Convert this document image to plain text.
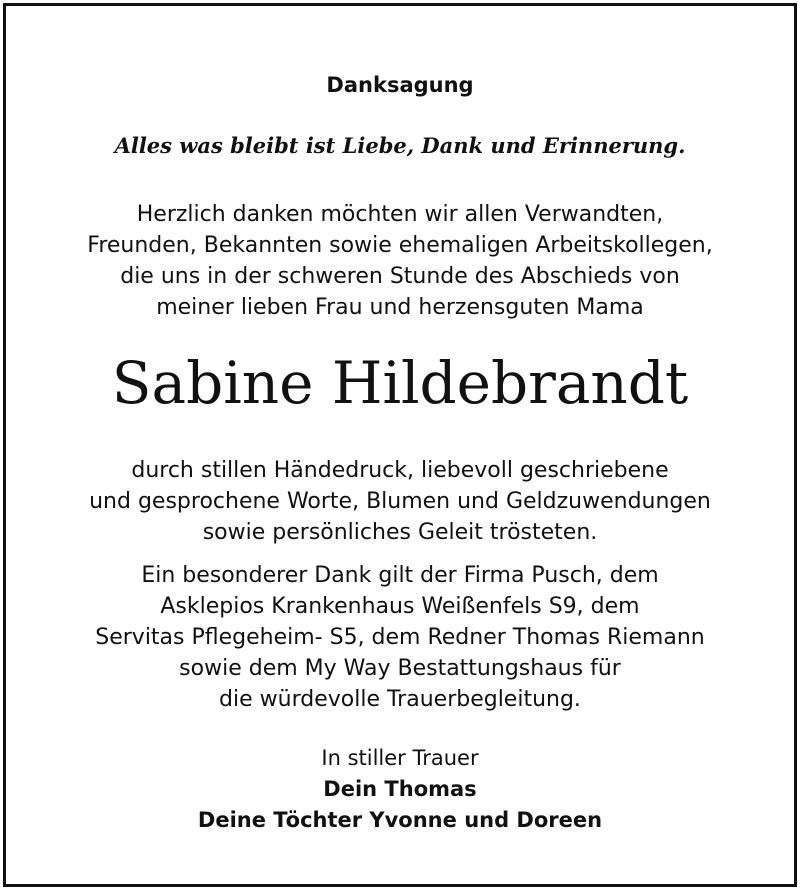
Danksagung
Alles was bleibt ist Liebe, Dank und Erinnerung.
Herzlich danken möchten wir allen Verwandten,
Freunden, Bekannten sowie ehemaligen Arbeitskollegen,
die uns in der schweren Stunde des Abschieds von
meiner lieben Frau und herzensguten Mama
Sabine Hildebrandt
durch stillen Händedruck, liebevoll geschriebene
und gesprochene Worte, Blumen und Geldzuwendungen
sowie persönliches Geleit trösteten.
Ein besonderer Dank gilt der Firma Pusch, dem
Asklepios Krankenhaus Weißenfels S9, dem
Servitas Pflegeheim- S5, dem Redner Thomas Riemann
sowie dem My Way Bestattungshaus für
die würdevolle Trauerbegleitung.
In stiller Trauer
Dein Thomas
Deine Töchter Yvonne und Doreen
